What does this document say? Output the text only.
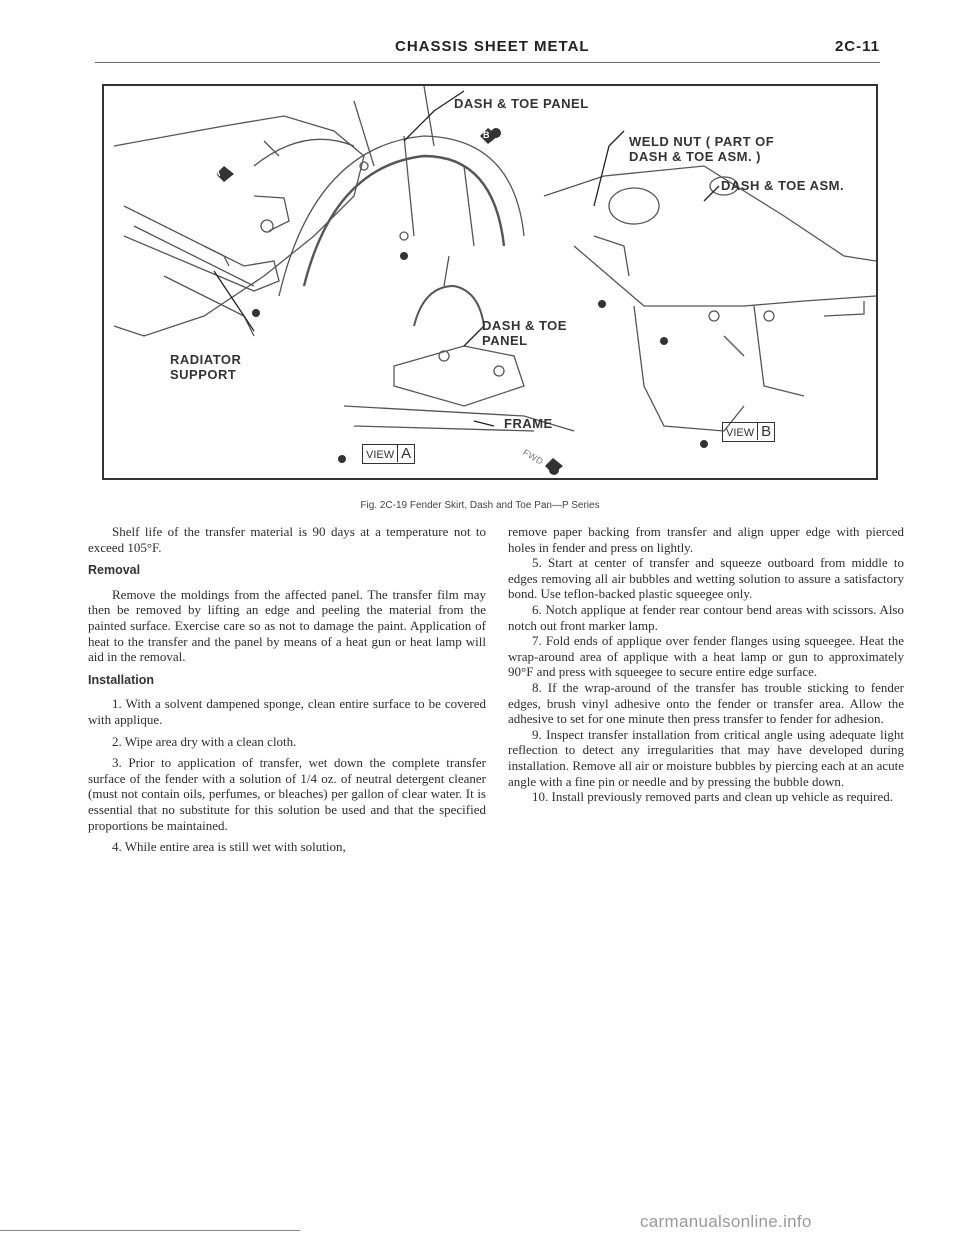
CHASSIS SHEET METAL	2C-11
DASH & TOE PANEL
WELD NUT ( PART OF
DASH & TOE ASM. )
DASH & TOE ASM.
RADIATOR
SUPPORT
DASH & TOE
PANEL
FRAME
FWD
A
B
VIEW A
VIEW B
Fig. 2C-19 Fender Skirt, Dash and Toe Pan—P Series

Shelf life of the transfer material is 90 days at a temperature not to exceed 105°F.

Removal

Remove the moldings from the affected panel. The transfer film may then be removed by lifting an edge and peeling the material from the painted surface. Exercise care so as not to damage the paint. Application of heat to the transfer and the panel by means of a heat gun or heat lamp will aid in the removal.

Installation

1. With a solvent dampened sponge, clean entire surface to be covered with applique.

2. Wipe area dry with a clean cloth.

3. Prior to application of transfer, wet down the complete transfer surface of the fender with a solution of 1/4 oz. of neutral detergent cleaner (must not contain oils, perfumes, or bleaches) per gallon of clear water. It is essential that no substitute for this solution be used and that the specified proportions be maintained.

4. While entire area is still wet with solution,

remove paper backing from transfer and align upper edge with pierced holes in fender and press on lightly.

5. Start at center of transfer and squeeze outboard from middle to edges removing all air bubbles and wetting solution to assure a satisfactory bond. Use teflon-backed plastic squeegee only.

6. Notch applique at fender rear contour bend areas with scissors. Also notch out front marker lamp.

7. Fold ends of applique over fender flanges using squeegee. Heat the wrap-around area of applique with a heat lamp or gun to approximately 90°F and press with squeegee to secure entire edge surface.

8. If the wrap-around of the transfer has trouble sticking to fender edges, brush vinyl adhesive onto the fender or transfer area. Allow the adhesive to set for one minute then press transfer to fender for adhesion.

9. Inspect transfer installation from critical angle using adequate light reflection to detect any irregularities that may have developed during installation. Remove all air or moisture bubbles by piercing each at an acute angle with a fine pin or needle and by pressing the bubble down.

10. Install previously removed parts and clean up vehicle as required.

carmanualsonline.info
